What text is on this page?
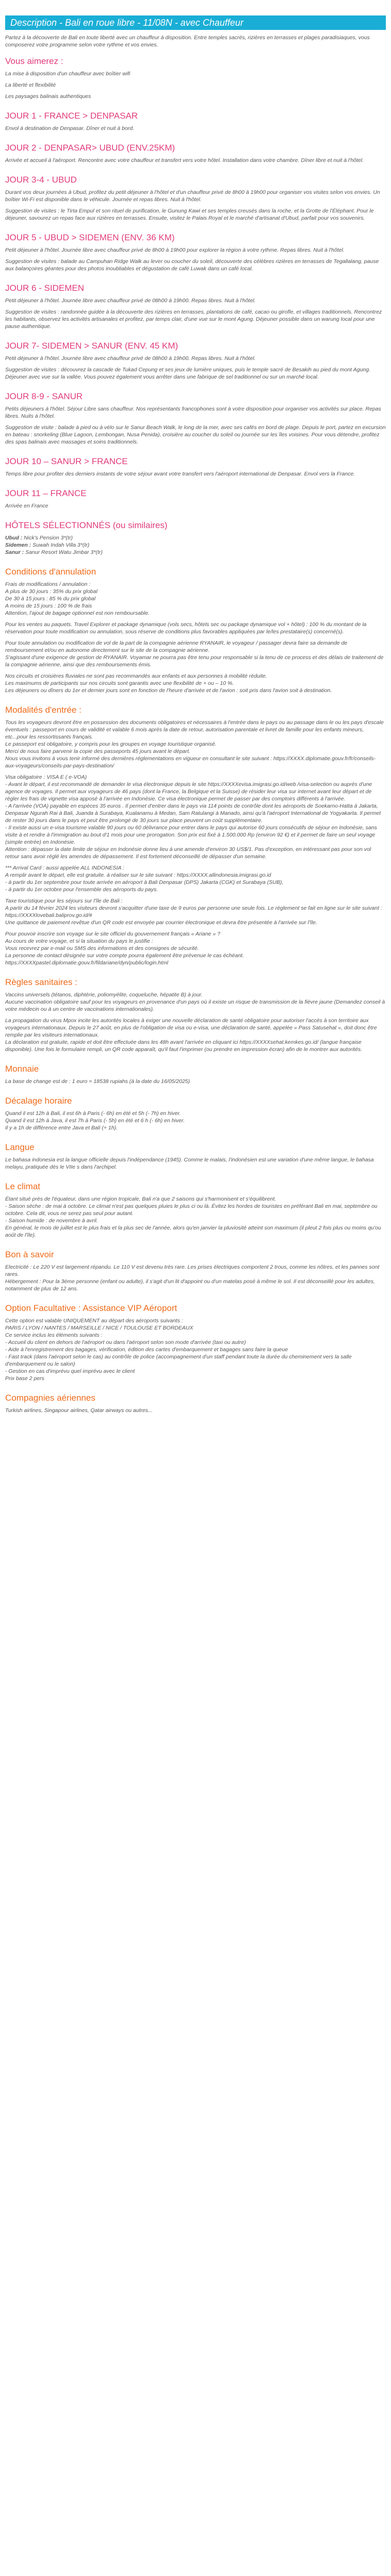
Description - Bali en roue libre - 11/08N - avec Chauffeur
Partez à la découverte de Bali en toute liberté avec un chauffeur à disposition. Entre temples sacrés, rizières en terrasses et plages paradisiaques, vous composerez votre programme selon votre rythme et vos envies.
Vous aimerez :
La mise à disposition d'un chauffeur avec boîtier wifi
La liberté et flexibilité
Les paysages balinais authentiques
JOUR 1 - FRANCE > DENPASAR
Envol à destination de Denpasar. Dîner et nuit à bord.
JOUR 2 - DENPASAR> UBUD (ENV.25KM)
Arrivée et accueil à l'aéroport. Rencontre avec votre chauffeur et transfert vers votre hôtel. Installation dans votre chambre. Dîner libre et nuit à l'hôtel.
JOUR 3-4 - UBUD
Durant vos deux journées à Ubud, profitez du petit déjeuner à l'hôtel et d'un chauffeur privé de 8h00 à 19h00 pour organiser vos visites selon vos envies. Un boîtier Wi-Fi est disponible dans le véhicule. Journée et repas libres. Nuit à l'hôtel.
Suggestion de visites : le Tirta Empul et son rituel de purification, le Gunung Kawi et ses temples creusés dans la roche, et la Grotte de l'Éléphant. Pour le déjeuner, savourez un repas face aux rizières en terrasses. Ensuite, visitez le Palais Royal et le marché d'artisanat d'Ubud, parfait pour vos souvenirs.
JOUR 5 - UBUD > SIDEMEN (ENV. 36 KM)
Petit déjeuner à l'hôtel. Journée libre avec chauffeur privé de 8h00 à 19h00 pour explorer la région à votre rythme. Repas libres. Nuit à l'hôtel.
Suggestion de visites : balade au Campuhan Ridge Walk au lever ou coucher du soleil, découverte des célèbres rizières en terrasses de Tegallalang, pause aux balançoires géantes pour des photos inoubliables et dégustation de café Luwak dans un café local.
JOUR 6 - SIDEMEN
Petit déjeuner à l'hôtel. Journée libre avec chauffeur privé de 08h00 à 19h00. Repas libres. Nuit à l'hôtel.
Suggestion de visites : randonnée guidée à la découverte des rizières en terrasses, plantations de café, cacao ou girofle, et villages traditionnels. Rencontrez les habitants, observez les activités artisanales et profitez, par temps clair, d'une vue sur le mont Agung. Déjeuner possible dans un warung local pour une pause authentique.
JOUR 7- SIDEMEN > SANUR (ENV. 45 KM)
Petit déjeuner à l'hôtel. Journée libre avec chauffeur privé de 08h00 à 19h00. Repas libres. Nuit à l'hôtel.
Suggestion de visites : découvrez la cascade de Tukad Cepung et ses jeux de lumière uniques, puis le temple sacré de Besakih au pied du mont Agung. Déjeuner avec vue sur la vallée. Vous pouvez également vous arrêter dans une fabrique de sel traditionnel ou sur un marché local.
JOUR 8-9 - SANUR
Petits déjeuners à l'hôtel. Séjour Libre sans chauffeur. Nos représentants francophones sont à votre disposition pour organiser vos activités sur place. Repas libres. Nuits à l'hôtel.
Suggestion de visite : balade à pied ou à vélo sur le Sanur Beach Walk, le long de la mer, avec ses cafés en bord de plage. Depuis le port, partez en excursion en bateau : snorkeling (Blue Lagoon, Lembongan, Nusa Penida), croisière au coucher du soleil ou journée sur les îles voisines. Pour vous détendre, profitez des spas balinais avec massages et soins traditionnels.
JOUR 10 – SANUR > FRANCE
Temps libre pour profiter des derniers instants de votre séjour avant votre transfert vers l'aéroport international de Denpasar. Envol vers la France.
JOUR 11 – FRANCE
Arrivée en France
HÔTELS SÉLECTIONNÉS (ou similaires)
Ubud : Nick's Pension 3*(tr)
Sidemen : Suwah Indah Villa 3*(tr)
Sanur : Sanur Resort Watu Jimbar 3*(tr)
Conditions d'annulation
Frais de modifications / annulation :
A plus de 30 jours : 35% du prix global
De 30 à 15 jours : 85 % du prix global
A moins de 15 jours : 100 % de frais
Attention, l'ajout de bagage optionnel est non remboursable.
Pour les ventes au paquets. Travel Explorer et package dynamique (vols secs, hôtels sec ou package dynamique vol + hôtel) : 100 % du montant de la réservation pour toute modification ou annulation, sous réserve de conditions plus favorables appliquées par le/les prestataire(s) concerné(s).
Pour toute annulation ou modification de vol de la part de la compagnie aérienne RYANAIR, le voyageur / passager devra faire sa demande de remboursement et/ou en autonome directement sur le site de la compagnie aérienne.
S'agissant d'une exigence de gestion de RYANAIR. Voyamar ne pourra pas être tenu pour responsable si la tenu de ce process et des délais de traitement de la compagnie aérienne, ainsi que des remboursements émis.
Nos circuits et croisières fluviales ne sont pas recommandés aux enfants et aux personnes à mobilité réduite.
Les maximums de participants sur nos circuits sont garantis avec une flexibilité de + ou – 10 %.
Les déjeuners ou dîners du 1er et dernier jours sont en fonction de l'heure d'arrivée et de l'avion : soit pris dans l'avion soit à destination.
Modalités d'entrée :
Tous les voyageurs devront être en possession des documents obligatoires et nécessaires à l'entrée dans le pays ou au passage dans le ou les pays d'escale éventuels : passeport en cours de validité et valable 6 mois après la date de retour, autorisation parentale et livret de famille pour les enfants mineurs, etc...pour les ressortissants français.
Le passeport est obligatoire, y compris pour les groupes en voyage touristique organisé.
Merci de nous faire parvenir la copie des passeports 45 jours avant le départ.
Nous vous invitons à vous tenir informé des dernières réglementations en vigueur en consultant le site suivant : https://XXXX.diplomatie.gouv.fr/fr/conseils-aux-voyageurs/conseils-par-pays-destination/
Visa obligatoire : VISA E ( e-VOA)
- Avant le départ, il est recommandé de demander le visa électronique depuis le site https://XXXXevisa.imigrasi.go.id/web /visa-selection ou auprès d'une agence de voyages. Il permet aux voyageurs de 46 pays (dont la France, la Belgique et la Suisse) de résider leur visa sur internet avant leur départ et de régler les frais de vignette visa apposé à l'arrivée en Indonésie. Ce visa électronique permet de passer par des comptoirs différents à l'arrivée.
- A l'arrivée (VOA) payable en espèces 35 euros . Il permet d'entrer dans le pays via 114 points de contrôle dont les aéroports de Soekarno-Hatta à Jakarta, Denpasar Ngurah Rai à Bali, Juanda à Surabaya, Kualanamu à Medan, Sam Ratulangi à Manado, ainsi qu'à l'aéroport International de Yogyakarta. Il permet de rester 30 jours dans le pays et peut être prolongé de 30 jours sur place peuvent un coût supplémentaire.
- Il existe aussi un e-visa tourisme valable 90 jours ou 60 délivrance pour entrer dans le pays qui autorise 60 jours consécutifs de séjour en Indonésie, sans visite à et rendre à l'immigration au bout d'1 mois pour une prorogation. Son prix est fixé à 1.500.000 Rp (environ 92 €) et il permet de faire un seul voyage (simple entrée) en Indonésie.
Attention : dépasser la date limite de séjour en Indonésie donne lieu à une amende d'environ 30 US$/1. Pas d'exception, en intéressant pas pour son vol retour sans avoir réglé les amendes de dépassement. Il est fortement déconseillé de dépasser d'un semaine.
*** Arrival Card : aussi appelée ALL INDONESIA :
A remplir avant le départ, elle est gratuite. à réaliser sur le site suivant : https://XXXX.allindonesia.imigrasi.go.id
- à partir du 1er septembre pour toute arrivée en aéroport à Bali Denpasar (DPS) Jakarta (CGK) et Surabaya (SUB),
- à partir du 1er octobre pour l'ensemble des aéroports du pays.
Taxe touristique pour les séjours sur l'île de Bali :
A partir du 14 février 2024 les visiteurs devront s'acquitter d'une taxe de 9 euros par personne une seule fois. Le règlement se fait en ligne sur le site suivant : https://XXXXlovebali.baliprov.go.id/#
Une quittance de paiement revêtue d'un QR code est envoyée par courrier électronique et devra être présentée à l'arrivée sur l'île.
Pour pouvoir inscrire son voyage sur le site officiel du gouvernement français « Ariane » ?
Au cours de votre voyage, et si la situation du pays le justifie :
Vous recevrez par e-mail ou SMS des informations et des consignes de sécurité.
La personne de contact désignée sur votre compte pourra également être prévenue le cas échéant.
https://XXXXpastel.diplomatie.gouv.fr/fildariane/dyn/public/login.html
Règles sanitaires :
Vaccins universels (tétanos, diphtérie, poliomyélite, coqueluche, hépatite B) à jour.
Aucune vaccination obligatoire sauf pour les voyageurs en provenance d'un pays où il existe un risque de transmission de la fièvre jaune (Demandez conseil à votre médecin ou à un centre de vaccinations internationales).
La propagation du virus Mpox incite les autorités locales à exiger une nouvelle déclaration de santé obligatoire pour autoriser l'accès à son territoire aux voyageurs internationaux. Depuis le 27 août, en plus de l'obligation de visa ou e-visa, une déclaration de santé, appelée « Pass Satusehat », doit donc être remplie par les visiteurs internationaux.
La déclaration est gratuite, rapide et doit être effectuée dans les 48h avant l'arrivée en cliquant ici https://XXXXsehat.kemkes.go.id/ (langue française disponible). Une fois le formulaire rempli, un QR code apparaît, qu'il faut l'imprimer (ou prendre en impression écran) afin de le montrer aux autorités.
Monnaie
La base de change est de : 1 euro = 18538 rupiahs (à la date du 16/05/2025)
Décalage horaire
Quand il est 12h à Bali, il est 6h à Paris (- 6h) en été et 5h (- 7h) en hiver.
Quand il est 12h à Java, il est 7h à Paris (- 5h) en été et 6 h (- 6h) en hiver.
Il y a 1h de différence entre Java et Bali (+ 1h).
Langue
Le bahasa indonesia est la langue officielle depuis l'indépendance (1945). Comme le malais, l'indonésien est une variation d'une même langue, le bahasa melayu, pratiquée dès le VIIe s dans l'archipel.
Le climat
Étant situé près de l'équateur, dans une région tropicale, Bali n'a que 2 saisons qui s'harmonisent et s'équilibrent.
- Saison sèche : de mai à octobre. Le climat n'est pas quelques pluies le plus ci ou là. Évitez les hordes de touristes en préférant Bali en mai, septembre ou octobre. Cela dit, vous ne serez pas seul pour autant.
- Saison humide : de novembre à avril.
En général, le mois de juillet est le plus frais et la plus sec de l'année, alors qu'en janvier la pluviosité atteint son maximum (il pleut 2 fois plus ou moins qu'ou août de l'île).
Bon à savoir
Electricité : Le 220 V est largement répandu. Le 110 V est devenu très rare. Les prises électriques comportent 2 trous, comme les nôtres, et les pannes sont rares.
Hébergement : Pour la 3ème personne (enfant ou adulte), il s'agit d'un lit d'appoint ou d'un matelas posé à même le sol. Il est déconseillé pour les adultes, notamment de plus de 12 ans.
Option Facultative : Assistance VIP Aéroport
Cette option est valable UNIQUEMENT au départ des aéroports suivants :
PARIS / LYON / NANTES / MARSEILLE / NICE / TOULOUSE ET BORDEAUX
Ce service inclus les éléments suivants :
- Accueil du client en dehors de l'aéroport ou dans l'aéroport selon son mode d'arrivée (taxi ou autre)
- Aide à l'enregistrement des bagages, vérification, édition des cartes d'embarquement et bagages sans faire la queue
- Fast track (dans l'aéroport selon le cas) au contrôle de police (accompagnement d'un staff pendant toute la durée du cheminement vers la salle d'embarquement ou le salon)
- Gestion en cas d'imprévu quel imprévu avec le client
Prix base 2 pers
Compagnies aériennes
Turkish airlines, Singapour airlines, Qatar airways ou autres...
